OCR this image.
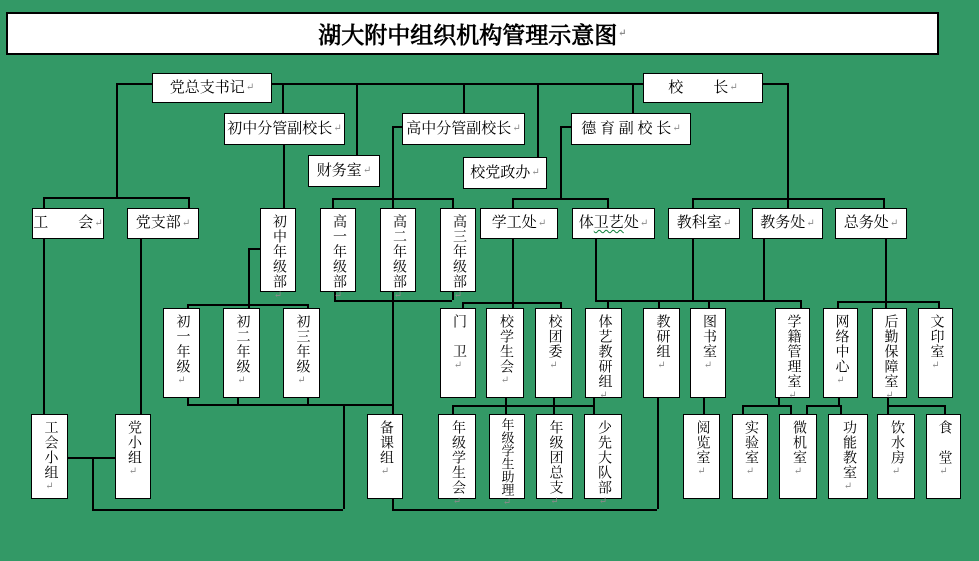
湖大附中组织机构管理示意图 ↵
党总支书记 ↵	校　　长 ↵
初中分管副校长 ↵	高中分管副校长 ↵	德 育 副 校 长 ↵
财务室 ↵	校党政办 ↵
工　　会 ↵ 党支部 ↵	初中年级部
↵
高一年级部
↵
高二年级部
↵
高三年级部
↵
学工处 ↵ 体 卫艺 处 ↵ 教科室 ↵ 教务处 ↵ 总务处 ↵
初一年级
↵
初二年级
↵
初三年级
↵
门　卫
↵ 校学生会
↵
校团委
↵	体艺教研组
↵
教研组
↵
图书室
↵	学籍管理室
↵
网络中心
↵	后勤保障室
↵
文印室
↵
工会小组
↵
党小组
↵
备课组
↵	年级学生会
↵
年级学生助理
↵
年级团总支
↵
少先大队部
↵
阅览室
↵
实验室
↵
微机室
↵	功能教室
↵
饮水房
↵
食　堂
↵
